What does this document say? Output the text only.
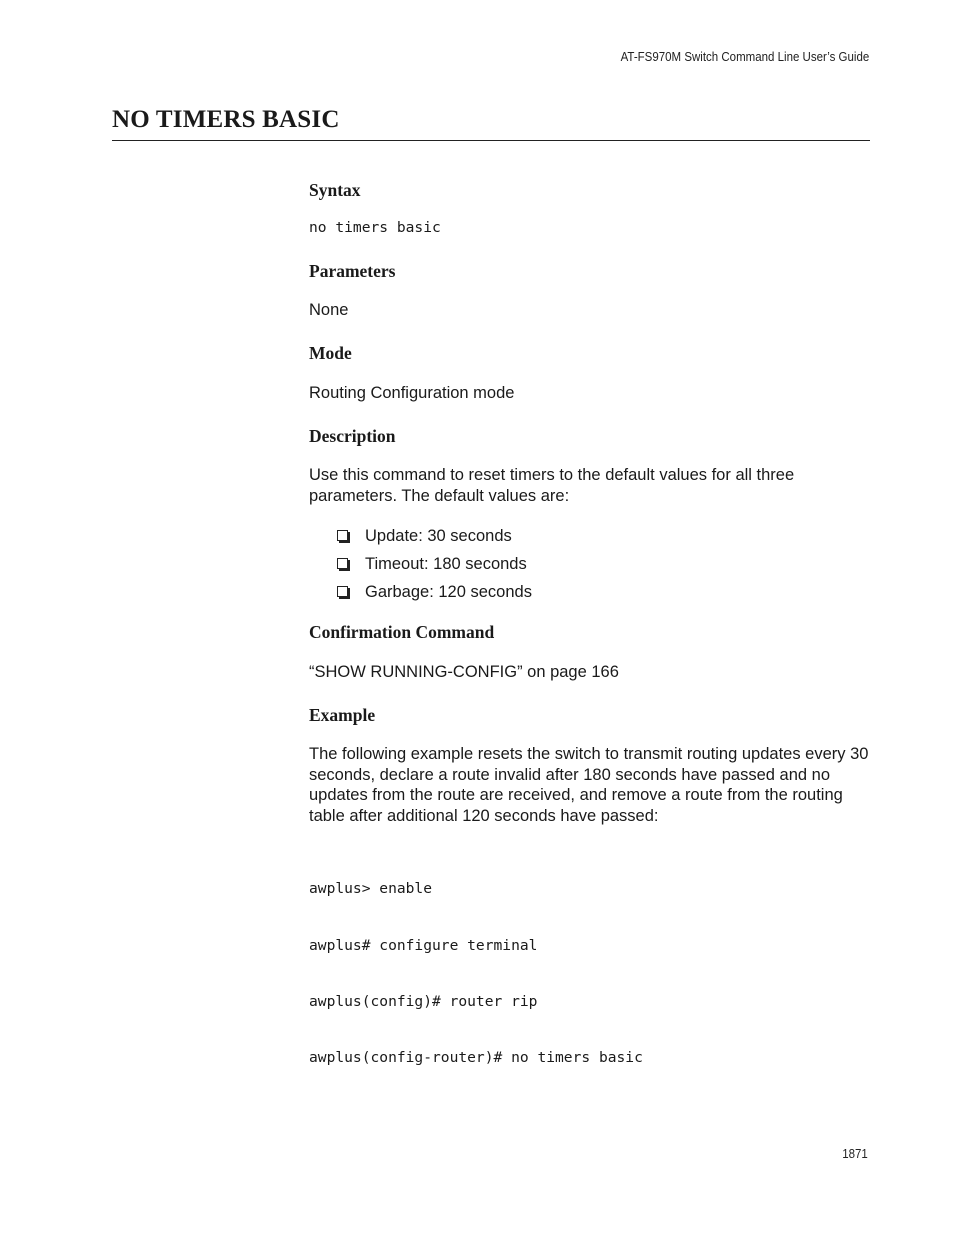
AT-FS970M Switch Command Line User’s Guide
NO TIMERS BASIC
Syntax
no timers basic
Parameters

None

Mode

Routing Configuration mode

Description

Use this command to reset timers to the default values for all three parameters. The default values are:

Update: 30 seconds
Timeout: 180 seconds
Garbage: 120 seconds
Confirmation Command

“SHOW RUNNING-CONFIG” on page 166

Example

The following example resets the switch to transmit routing updates every 30 seconds, declare a route invalid after 180 seconds have passed and no updates from the route are received, and remove a route from the routing table after additional 120 seconds have passed:

awplus> enable

awplus# configure terminal

awplus(config)# router rip

awplus(config-router)# no timers basic

1871
